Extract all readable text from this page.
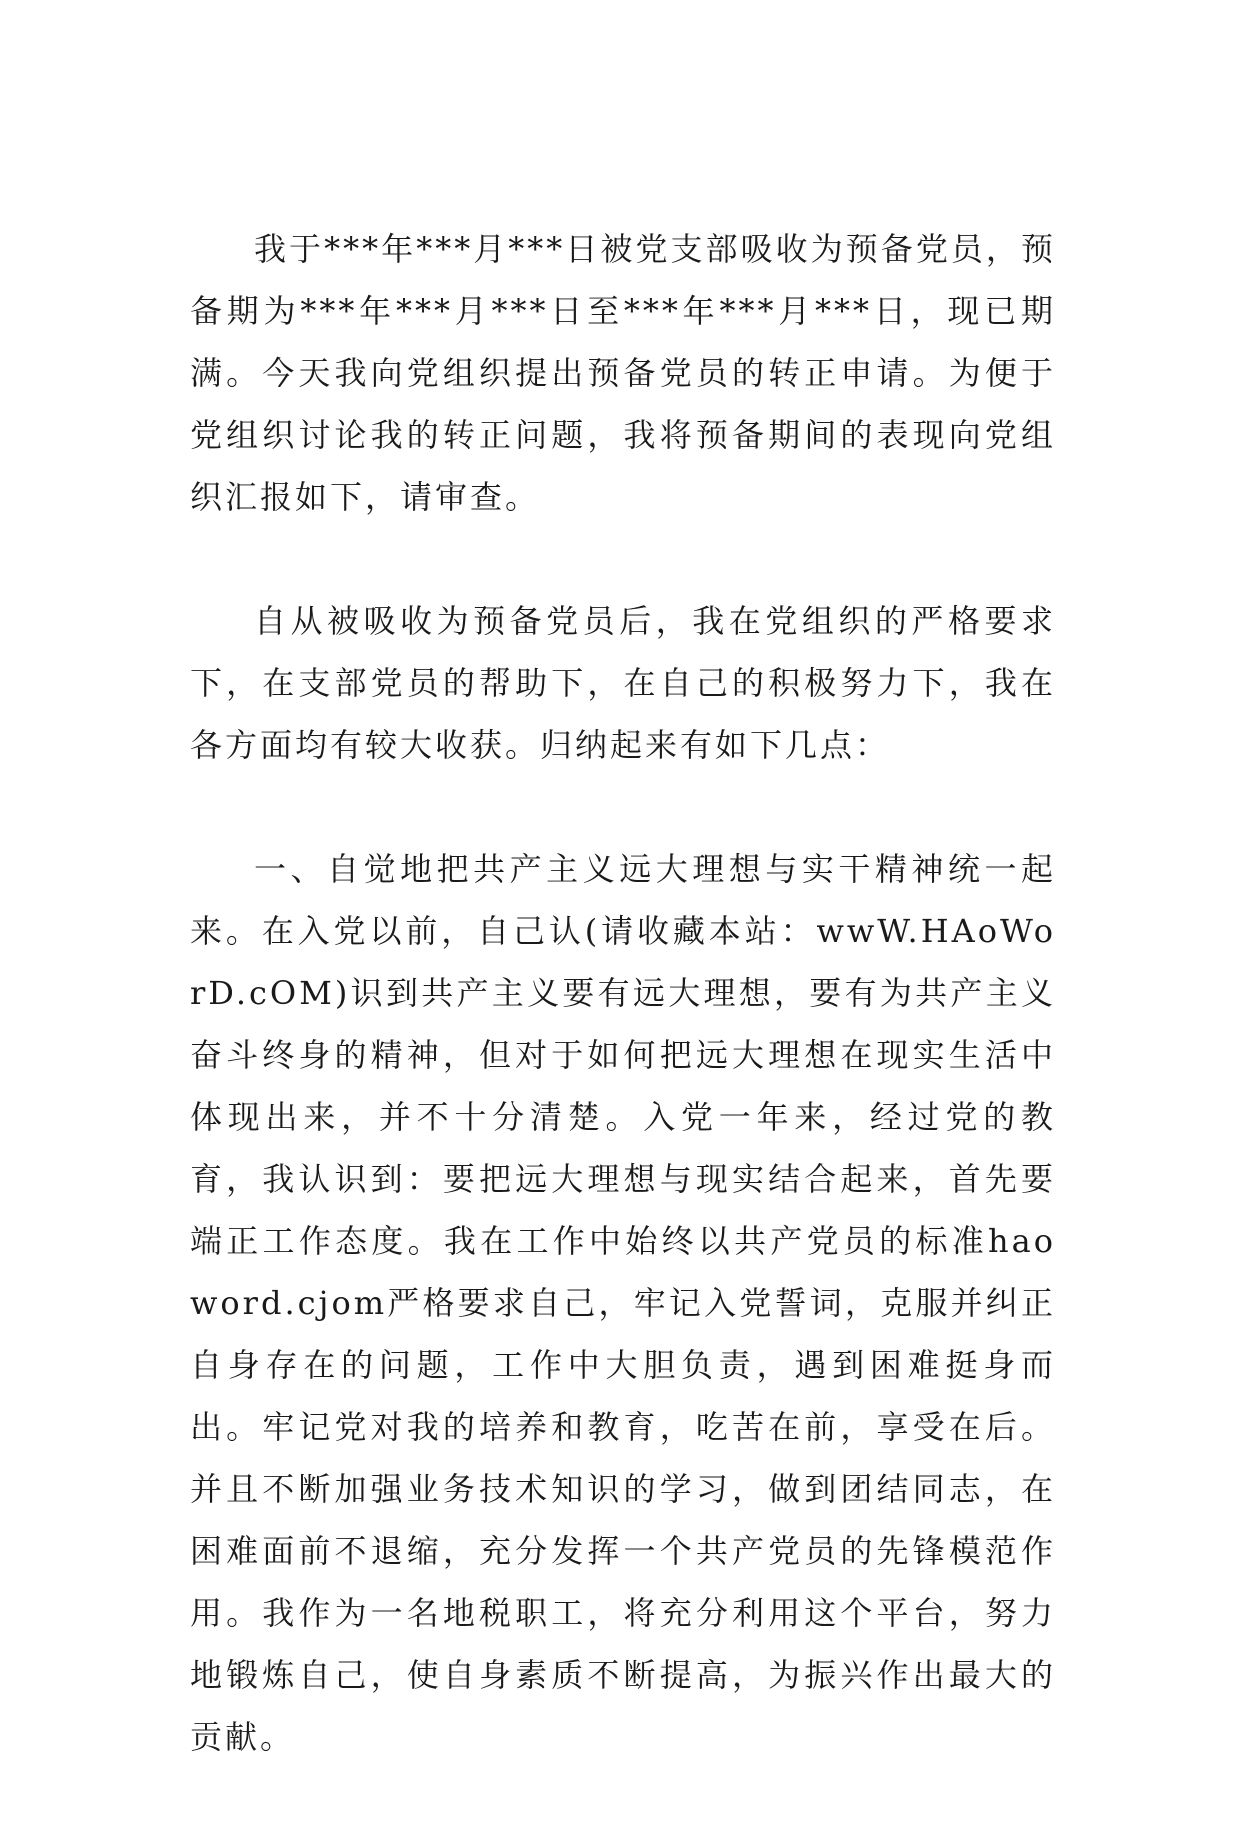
我于***年***月***日被党支部吸收为预备党员，预备期为***年***月***日至***年***月***日，现已期满。今天我向党组织提出预备党员的转正申请。为便于党组织讨论我的转正问题，我将预备期间的表现向党组织汇报如下，请审查。

自从被吸收为预备党员后，我在党组织的严格要求下，在支部党员的帮助下，在自己的积极努力下，我在各方面均有较大收获。归纳起来有如下几点：

一、自觉地把共产主义远大理想与实干精神统一起来。在入党以前，自己认(请收藏本站：wwW.HAoWorD.cOM)识到共产主义要有远大理想，要有为共产主义奋斗终身的精神，但对于如何把远大理想在现实生活中体现出来，并不十分清楚。入党一年来，经过党的教育，我认识到：要把远大理想与现实结合起来，首先要端正工作态度。我在工作中始终以共产党员的标准haoword.cjom严格要求自己，牢记入党誓词，克服并纠正自身存在的问题，工作中大胆负责，遇到困难挺身而出。牢记党对我的培养和教育，吃苦在前，享受在后。并且不断加强业务技术知识的学习，做到团结同志，在困难面前不退缩，充分发挥一个共产党员的先锋模范作用。我作为一名地税职工，将充分利用这个平台，努力地锻炼自己，使自身素质不断提高，为振兴作出最大的贡献。
